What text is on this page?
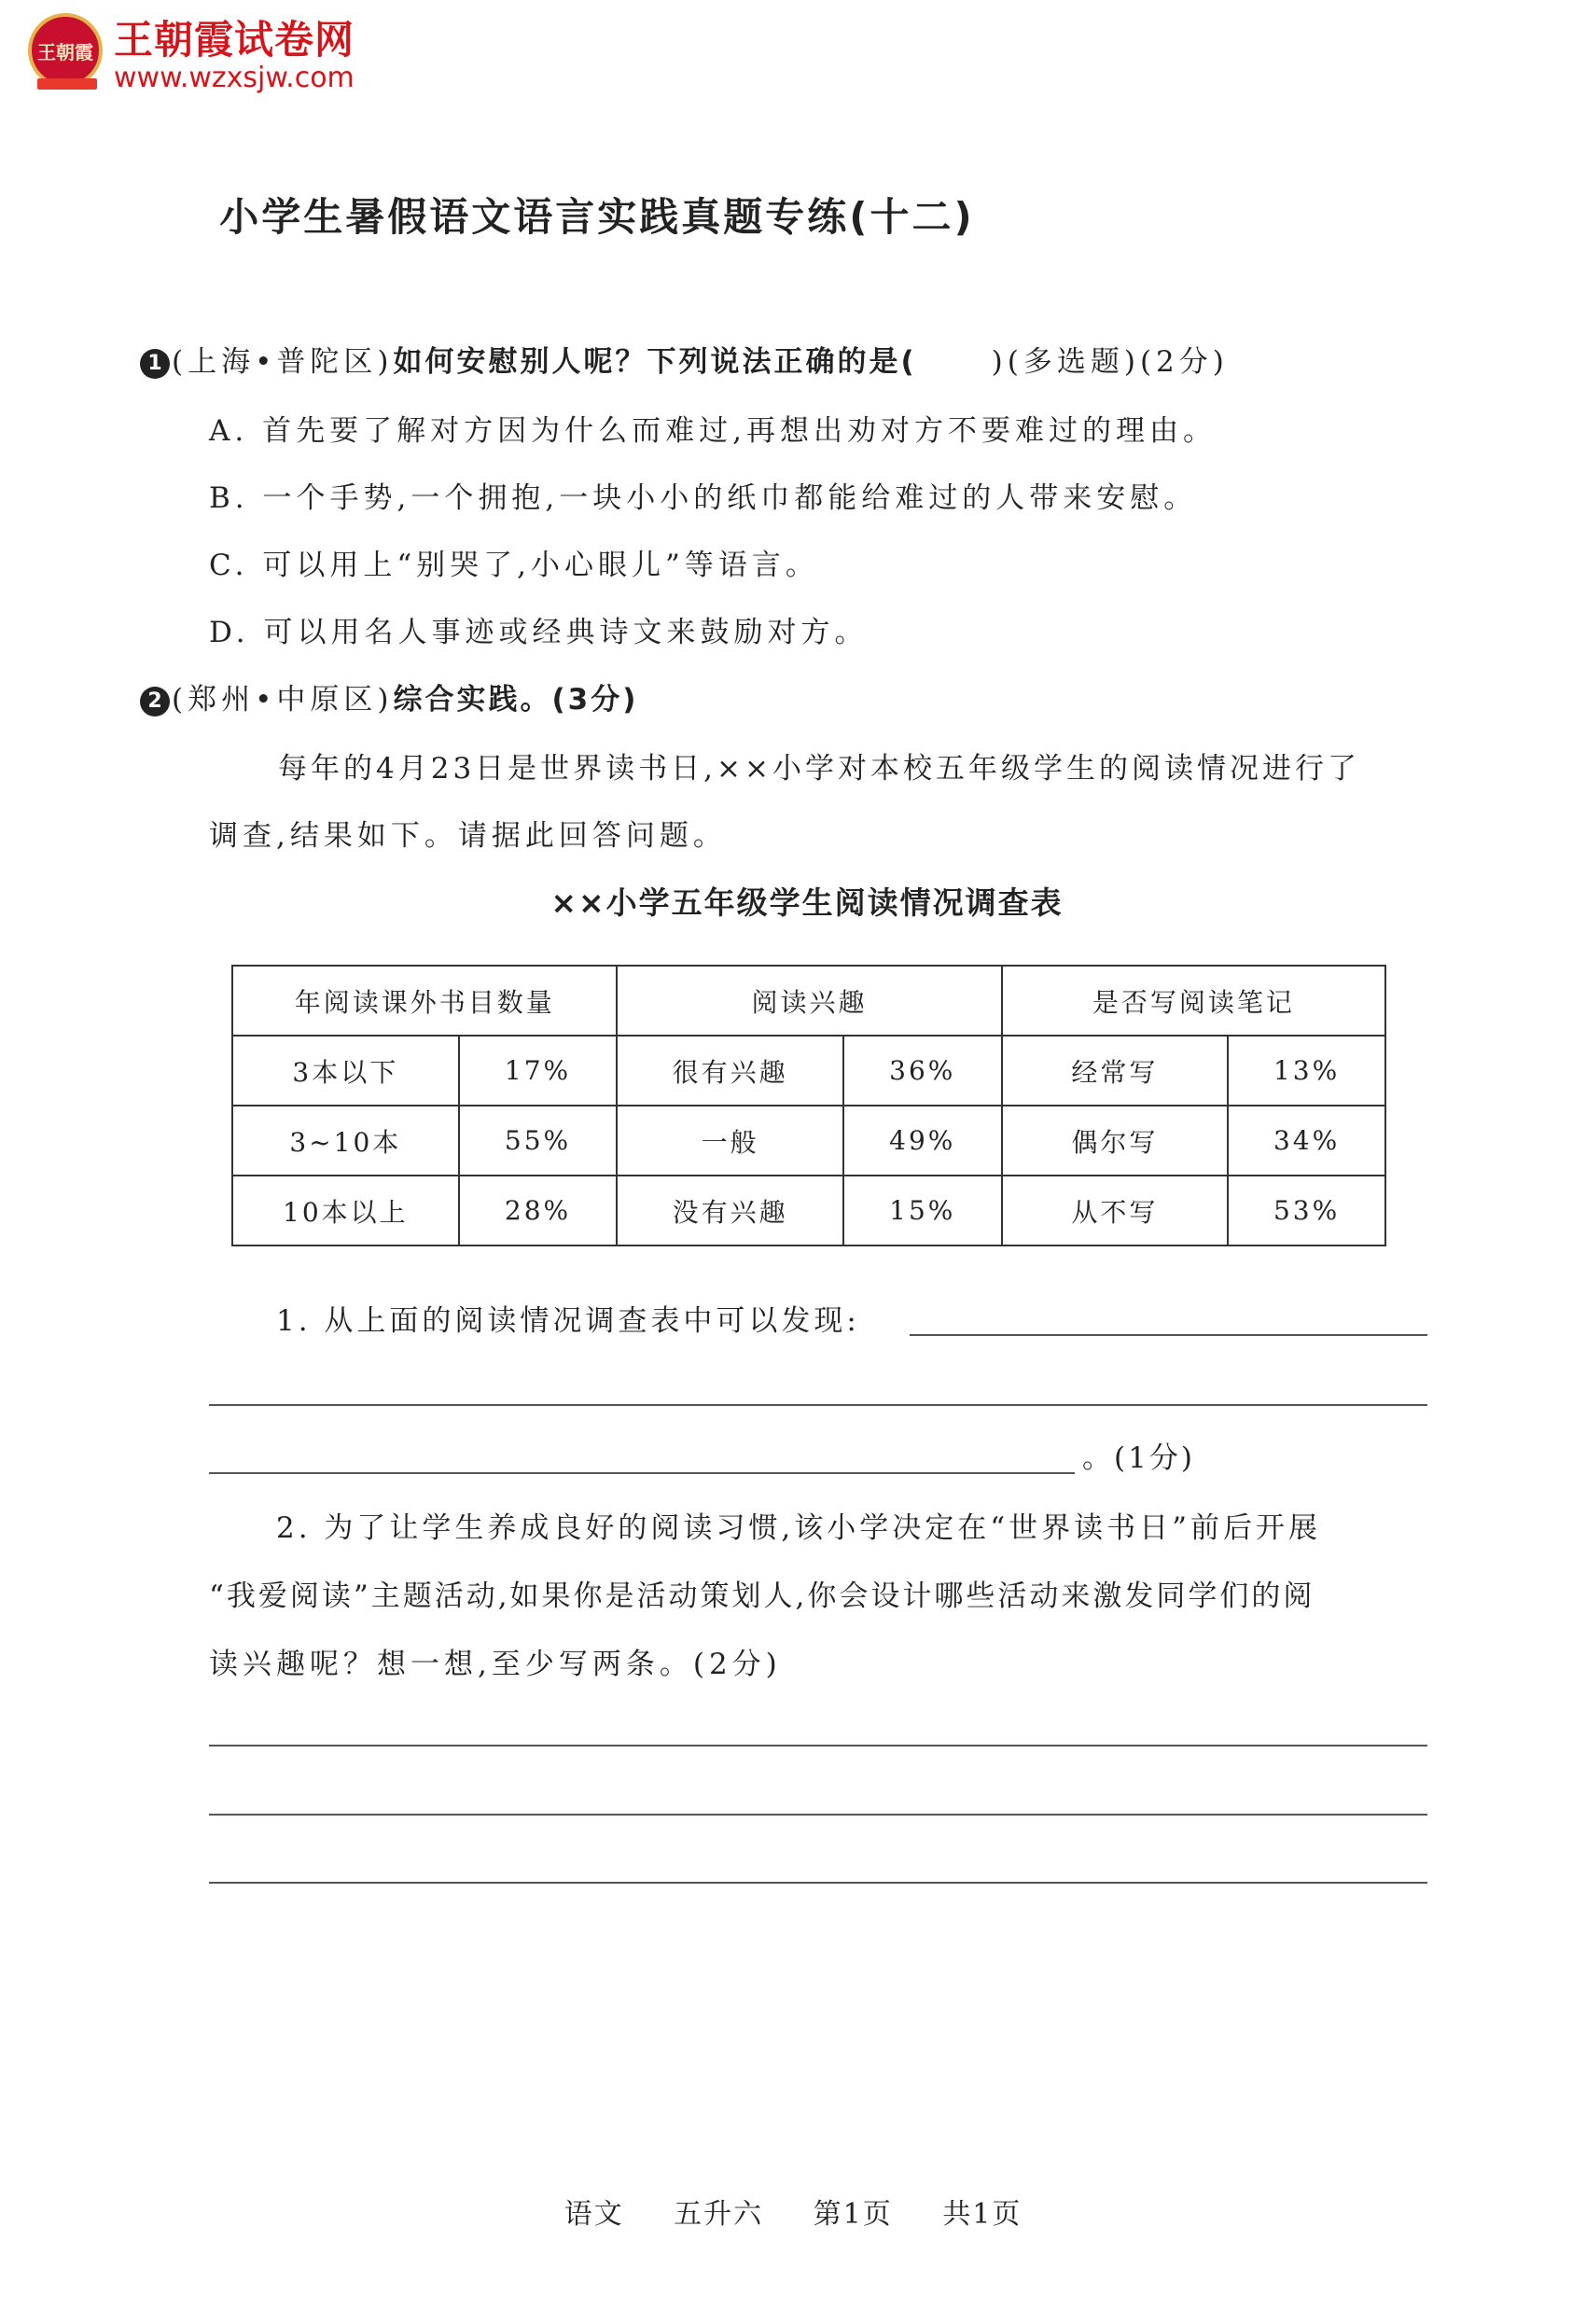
王朝霞 王朝霞试卷网
www.wzxsjw.com
小学生暑假语文语言实践真题专练(十二)
1 (上海•普陀区)如何安慰别人呢？下列说法正确的是(	)(多选题)(2分)
A. 首先要了解对方因为什么而难过,再想出劝对方不要难过的理由。
B. 一个手势,一个拥抱,一块小小的纸巾都能给难过的人带来安慰。
C. 可以用上“别哭了,小心眼儿”等语言。
D. 可以用名人事迹或经典诗文来鼓励对方。
2 (郑州•中原区)综合实践。(3分)
每年的4月23日是世界读书日,××小学对本校五年级学生的阅读情况进行了
调查,结果如下。请据此回答问题。
××小学五年级学生阅读情况调查表
年阅读课外书目数量		阅读兴趣		是否写阅读笔记	
3本以下	17%	很有兴趣	36%	经常写	13%
3~10本	55%	一般	49%	偶尔写	34%
10本以上	28%	没有兴趣	15%	从不写	53%
1. 从上面的阅读情况调查表中可以发现:
。(1分)
2. 为了让学生养成良好的阅读习惯,该小学决定在“世界读书日”前后开展
“我爱阅读”主题活动,如果你是活动策划人,你会设计哪些活动来激发同学们的阅
读兴趣呢？想一想,至少写两条。(2分)
语文 五升六 第1页 共1页
